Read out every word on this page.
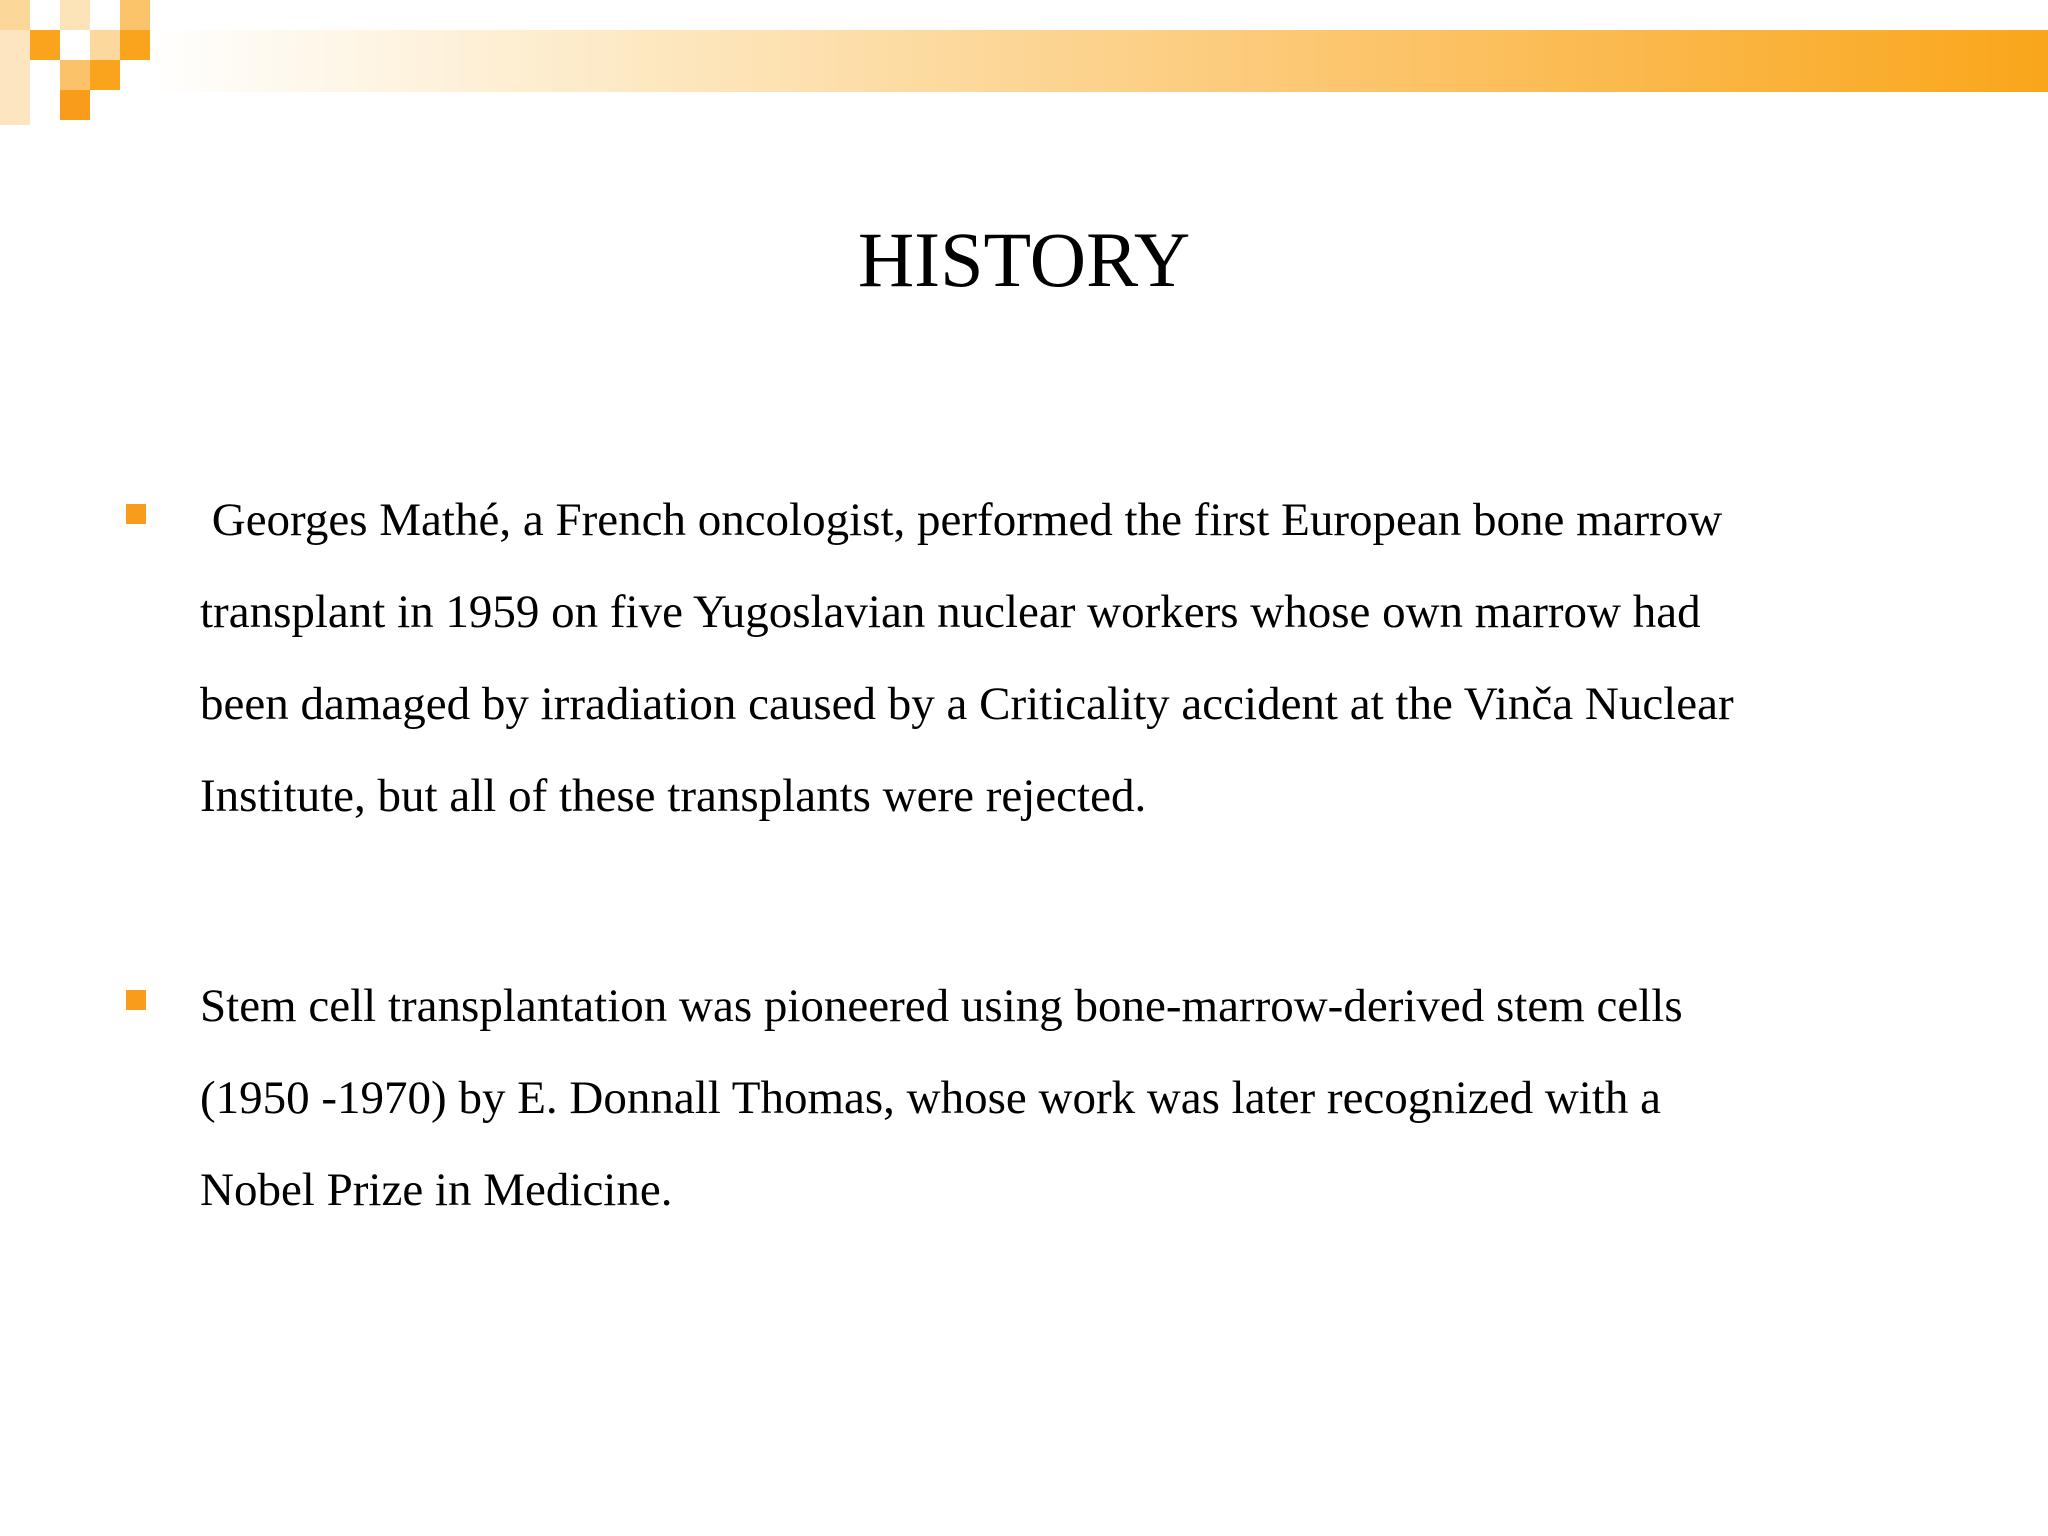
HISTORY
Georges Mathé, a French oncologist, performed the first European bone marrow
transplant in 1959 on five Yugoslavian nuclear workers whose own marrow had
been damaged by irradiation caused by a Criticality accident at the Vinča Nuclear
Institute, but all of these transplants were rejected.
Stem cell transplantation was pioneered using bone-marrow-derived stem cells
(1950 -1970) by E. Donnall Thomas, whose work was later recognized with a
Nobel Prize in Medicine.
